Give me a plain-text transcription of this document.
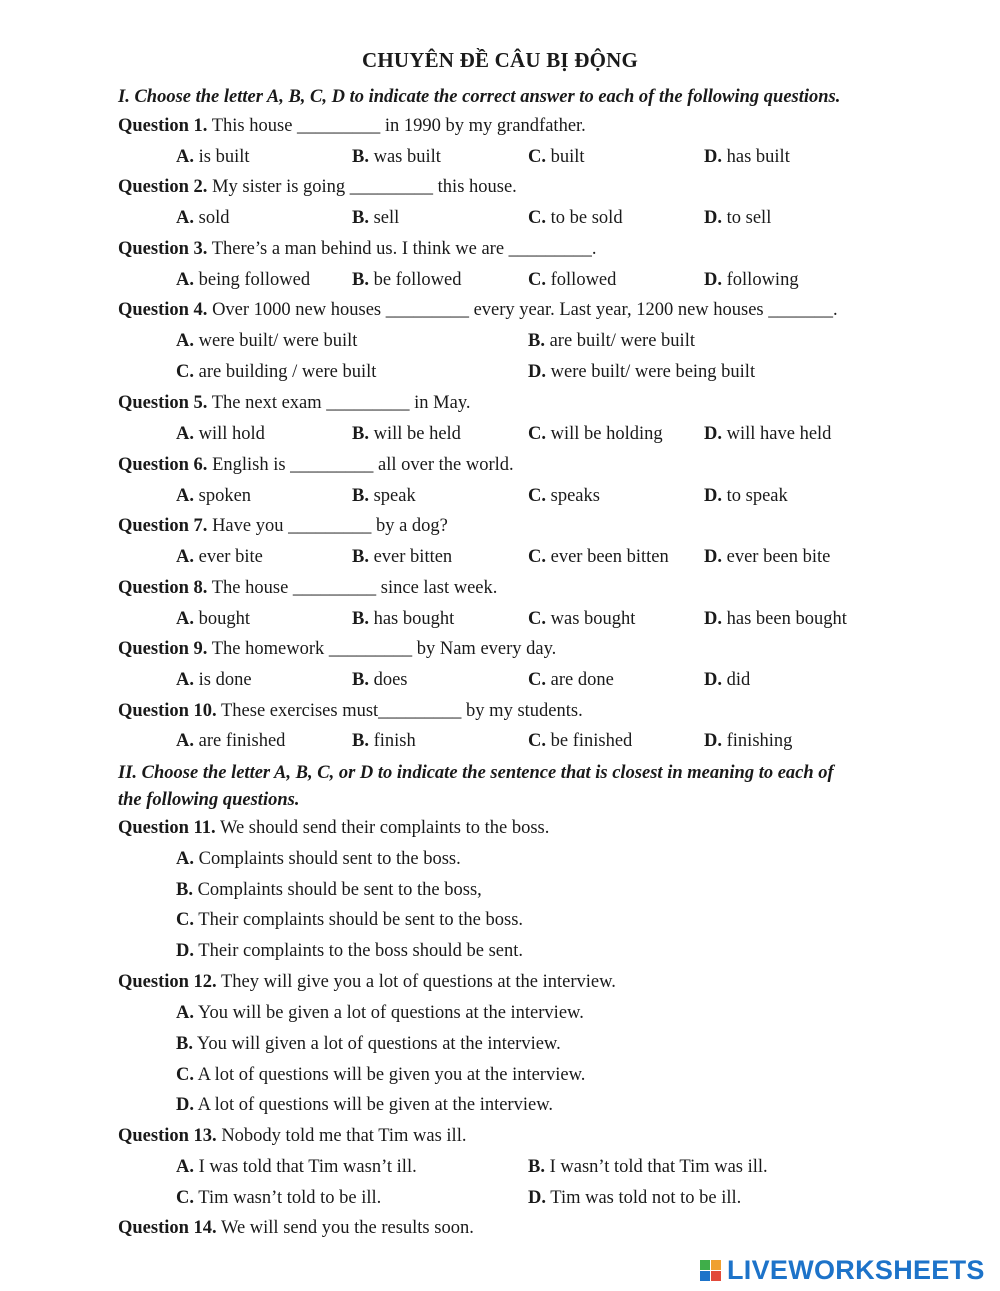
CHUYÊN ĐỀ CÂU BỊ ĐỘNG
I. Choose the letter A, B, C, D to indicate the correct answer to each of the following questions.
Question 1. This house _________ in 1990 by my grandfather.
A. is built	B. was built	C. built	D. has built
Question 2. My sister is going _________ this house.
A. sold	B. sell	C. to be sold	D. to sell
Question 3. There’s a man behind us. I think we are _________.
A. being followed B. be followed	C. followed	D. following
Question 4. Over 1000 new houses _________ every year. Last year, 1200 new houses _______.
A. were built/ were built	B. are built/ were built
C. are building / were built	D. were built/ were being built
Question 5. The next exam _________ in May.
A. will hold	B. will be held	C. will be holding D. will have held
Question 6. English is _________ all over the world.
A. spoken	B. speak	C. speaks	D. to speak
Question 7. Have you _________ by a dog?
A. ever bite	B. ever bitten	C. ever been bitten D. ever been bite
Question 8. The house _________ since last week.
A. bought	B. has bought	C. was bought	D. has been bought
Question 9. The homework _________ by Nam every day.
A. is done	B. does	C. are done	D. did
Question 10. These exercises must_________ by my students.
A. are finished	B. finish	C. be finished	D. finishing
II. Choose the letter A, B, C, or D to indicate the sentence that is closest in meaning to each of
the following questions.
Question 11. We should send their complaints to the boss.
A. Complaints should sent to the boss.
B. Complaints should be sent to the boss,
C. Their complaints should be sent to the boss.
D. Their complaints to the boss should be sent.
Question 12. They will give you a lot of questions at the interview.
A. You will be given a lot of questions at the interview.
B. You will given a lot of questions at the interview.
C. A lot of questions will be given you at the interview.
D. A lot of questions will be given at the interview.
Question 13. Nobody told me that Tim was ill.
A. I was told that Tim wasn’t ill.	B. I wasn’t told that Tim was ill.
C. Tim wasn’t told to be ill.	D. Tim was told not to be ill.
Question 14. We will send you the results soon.
LIVEWORKSHEETS
